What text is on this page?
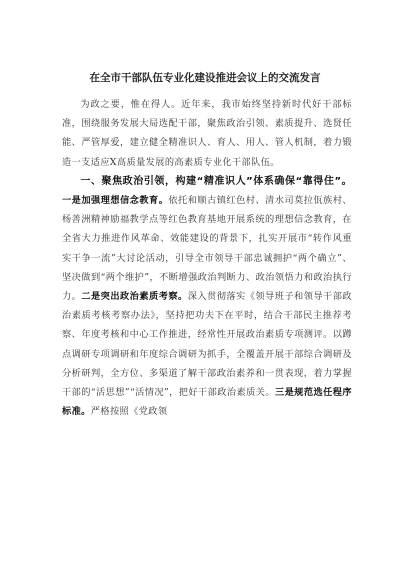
在全市干部队伍专业化建设推进会议上的交流发言

为政之要，惟在得人。近年来，我市始终坚持新时代好干部标准，围绕服务发展大局选配干部，聚焦政治引领、素质提升、选贤任能、严管厚爱，建立健全精准识人、育人、用人、管人机制，着力锻造一支适应X高质量发展的高素质专业化干部队伍。

一、聚焦政治引领，构建“精准识人”体系确保“靠得住”。一是加强理想信念教育。依托和顺古镇红色村、清水司莫拉佤族村、杨善洲精神励福教学点等红色教育基地开展系统的理想信念教育，在全省大力推进作风革命、效能建设的背景下，扎实开展市“转作风重实干争一流”大讨论活动，引导全市领导干部忠诚拥护“两个确立”、坚决做到“两个维护”，不断增强政治判断力、政治领悟力和政治执行力。二是突出政治素质考察。深入贯彻落实《领导班子和领导干部政治素质考核考察办法》，坚持把功夫下在平时，结合干部民主推荐考察、年度考核和中心工作推进，经常性开展政治素质专项测评。以蹲点调研专项调研和年度综合调研为抓手，全覆盖开展干部综合调研及分析研判，全方位、多渠道了解干部政治素养和一贯表现，着力掌握干部的“活思想”“活情况”，把好干部政治素质关。三是规范选任程序标准。严格按照《党政领
